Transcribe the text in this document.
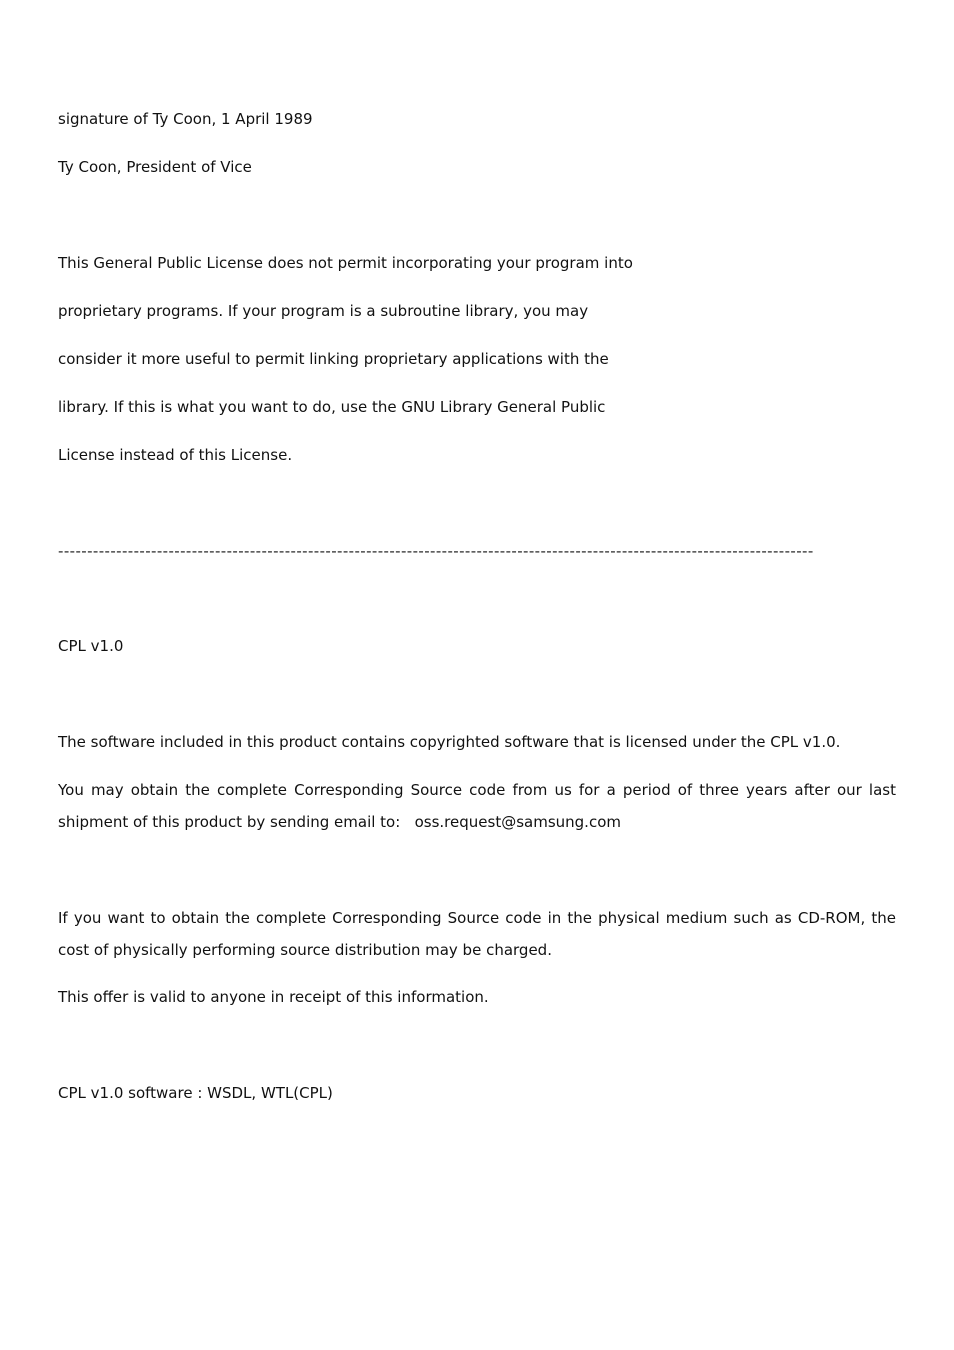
signature of Ty Coon, 1 April 1989

Ty Coon, President of Vice

This General Public License does not permit incorporating your program into

proprietary programs. If your program is a subroutine library, you may

consider it more useful to permit linking proprietary applications with the

library. If this is what you want to do, use the GNU Library General Public

License instead of this License.

----------------------------------------------------------------------------------------------------------------------------------

CPL v1.0

The software included in this product contains copyrighted software that is licensed under the CPL v1.0.

You may obtain the complete Corresponding Source code from us for a period of three years after our last shipment of this product by sending email to: oss.request@samsung.com

If you want to obtain the complete Corresponding Source code in the physical medium such as CD-ROM, the cost of physically performing source distribution may be charged.

This offer is valid to anyone in receipt of this information.

CPL v1.0 software : WSDL, WTL(CPL)
